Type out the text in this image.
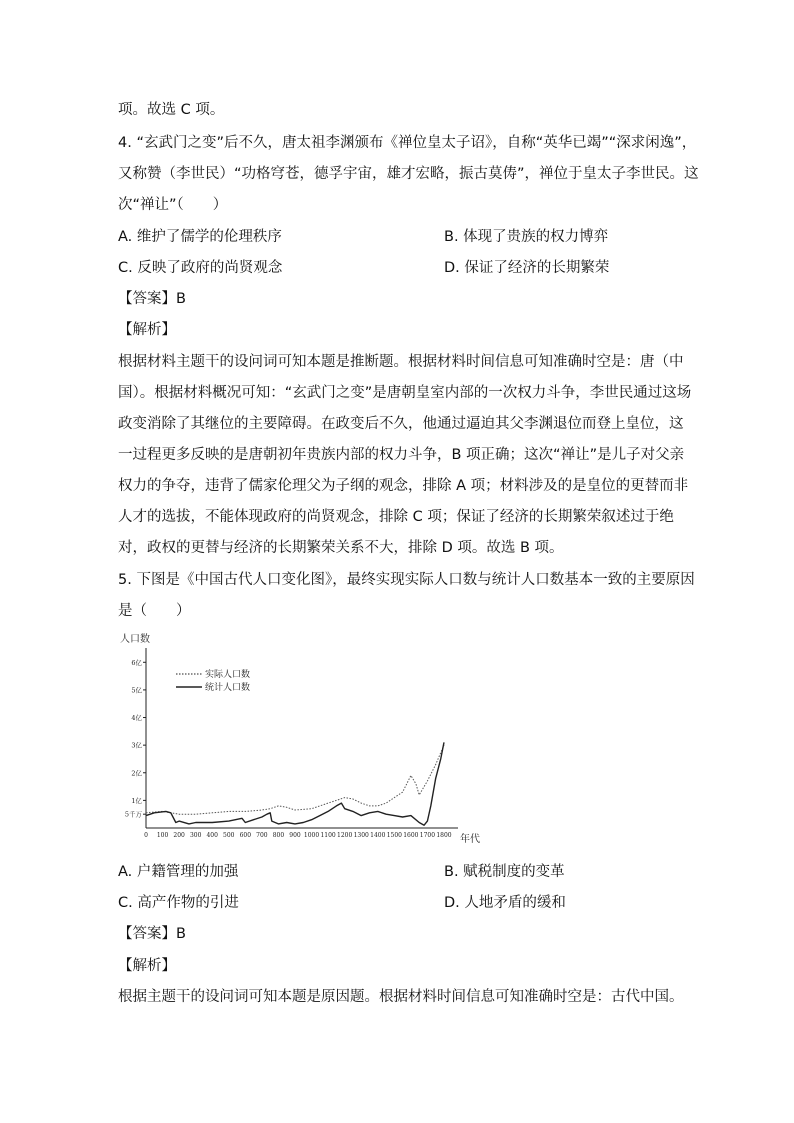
项。故选 C 项。
4. “玄武门之变”后不久，唐太祖李渊颁布《禅位皇太子诏》，自称“英华已竭”“深求闲逸”，
又称赞（李世民）“功格穹苍，德孚宇宙，雄才宏略，振古莫俦”，禅位于皇太子李世民。这
次“禅让”（　　）
A. 维护了儒学的伦理秩序	B. 体现了贵族的权力博弈
C. 反映了政府的尚贤观念	D. 保证了经济的长期繁荣
【答案】B
【解析】
根据材料主题干的设问词可知本题是推断题。根据材料时间信息可知准确时空是：唐（中
国）。根据材料概况可知：“玄武门之变”是唐朝皇室内部的一次权力斗争，李世民通过这场
政变消除了其继位的主要障碍。在政变后不久，他通过逼迫其父李渊退位而登上皇位，这
一过程更多反映的是唐朝初年贵族内部的权力斗争，B 项正确；这次“禅让”是儿子对父亲
权力的争夺，违背了儒家伦理父为子纲的观念，排除 A 项；材料涉及的是皇位的更替而非
人才的选拔，不能体现政府的尚贤观念，排除 C 项；保证了经济的长期繁荣叙述过于绝
对，政权的更替与经济的长期繁荣关系不大，排除 D 项。故选 B 项。
5. 下图是《中国古代人口变化图》，最终实现实际人口数与统计人口数基本一致的主要原因
是（　　）
人口数
年代
5千万
1亿
2亿
3亿
4亿
5亿
6亿
0 100 200 300 400 500 600 700 800 900 1000 1100 1200 1300 1400 1500 1600 1700 1800
实际人口数
统计人口数
A. 户籍管理的加强	B. 赋税制度的变革
C. 高产作物的引进	D. 人地矛盾的缓和
【答案】B
【解析】
根据主题干的设问词可知本题是原因题。根据材料时间信息可知准确时空是：古代中国。
